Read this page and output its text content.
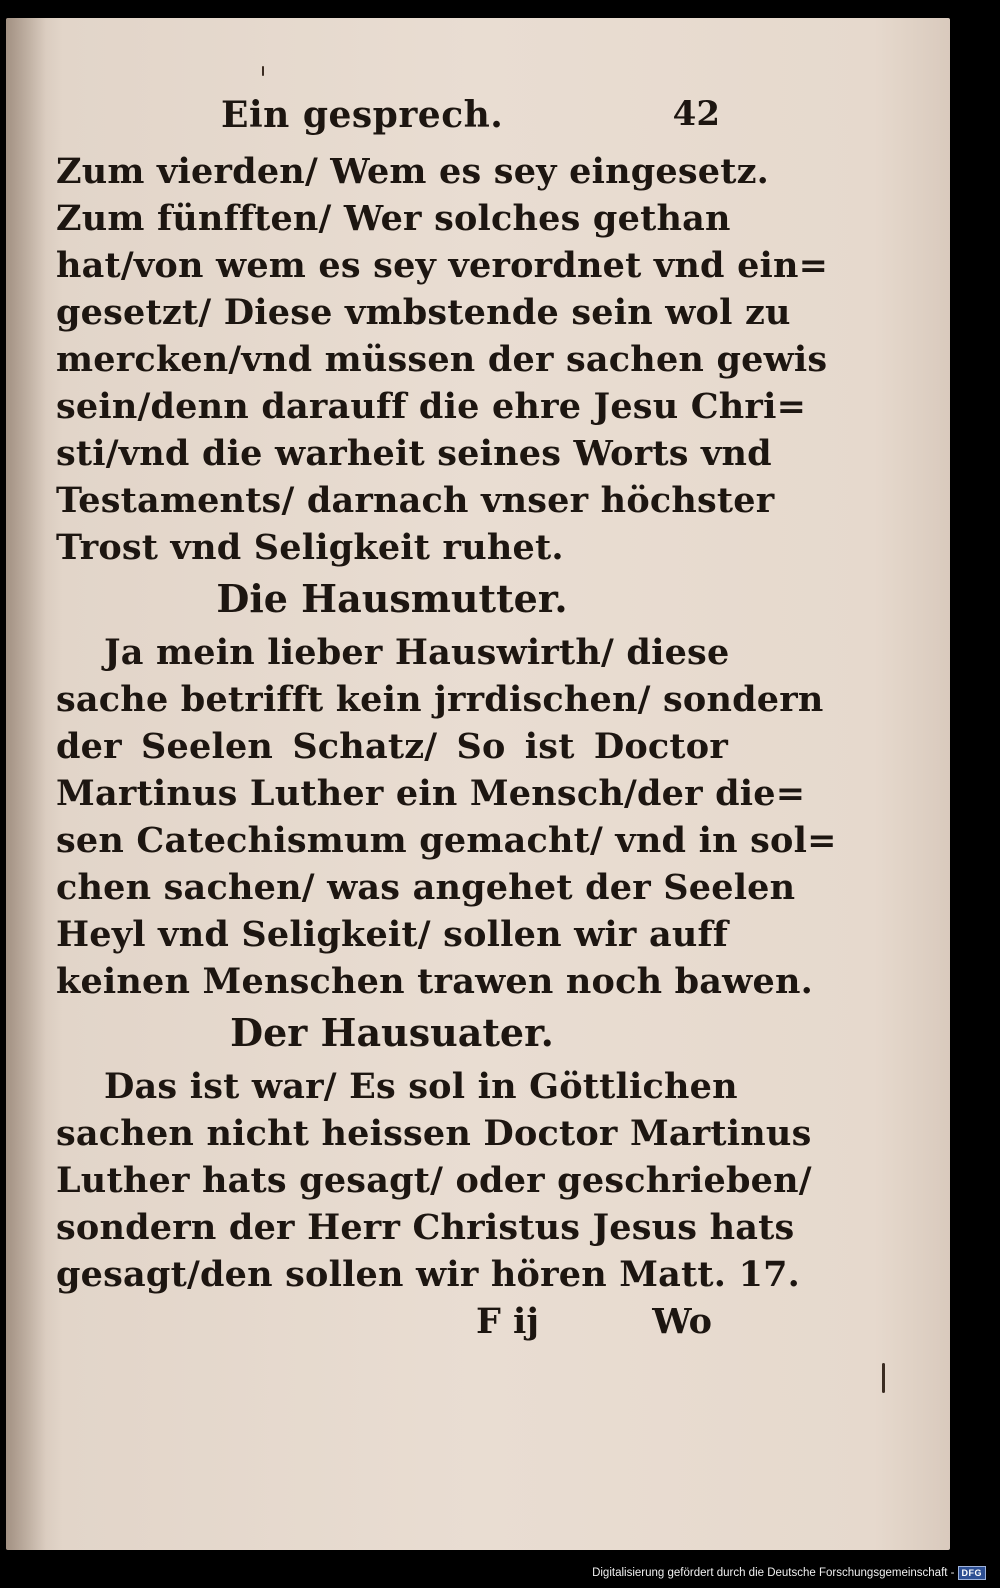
Ein gesprech.	42
Zum vierden/ Wem es sey eingesetz.
Zum fünfften/ Wer solches gethan
hat/von wem es sey verordnet vnd ein=
gesetzt/ Diese vmbstende sein wol zu
mercken/vnd müssen der sachen gewis
sein/denn darauff die ehre Jesu Chri=
sti/vnd die warheit seines Worts vnd
Testaments/ darnach vnser höchster
Trost vnd Seligkeit ruhet.
Die Hausmutter.
Ja mein lieber Hauswirth/ diese
sache betrifft kein jrrdischen/ sondern
der Seelen Schatz/ So ist Doctor
Martinus Luther ein Mensch/der die=
sen Catechismum gemacht/ vnd in sol=
chen sachen/ was angehet der Seelen
Heyl vnd Seligkeit/ sollen wir auff
keinen Menschen trawen noch bawen.
Der Hausuater.
Das ist war/ Es sol in Göttlichen
sachen nicht heissen Doctor Martinus
Luther hats gesagt/ oder geschrieben/
sondern der Herr Christus Jesus hats
gesagt/den sollen wir hören Matt. 17.
F ij	Wo
Digitalisierung gefördert durch die Deutsche Forschungsgemeinschaft - DFG
